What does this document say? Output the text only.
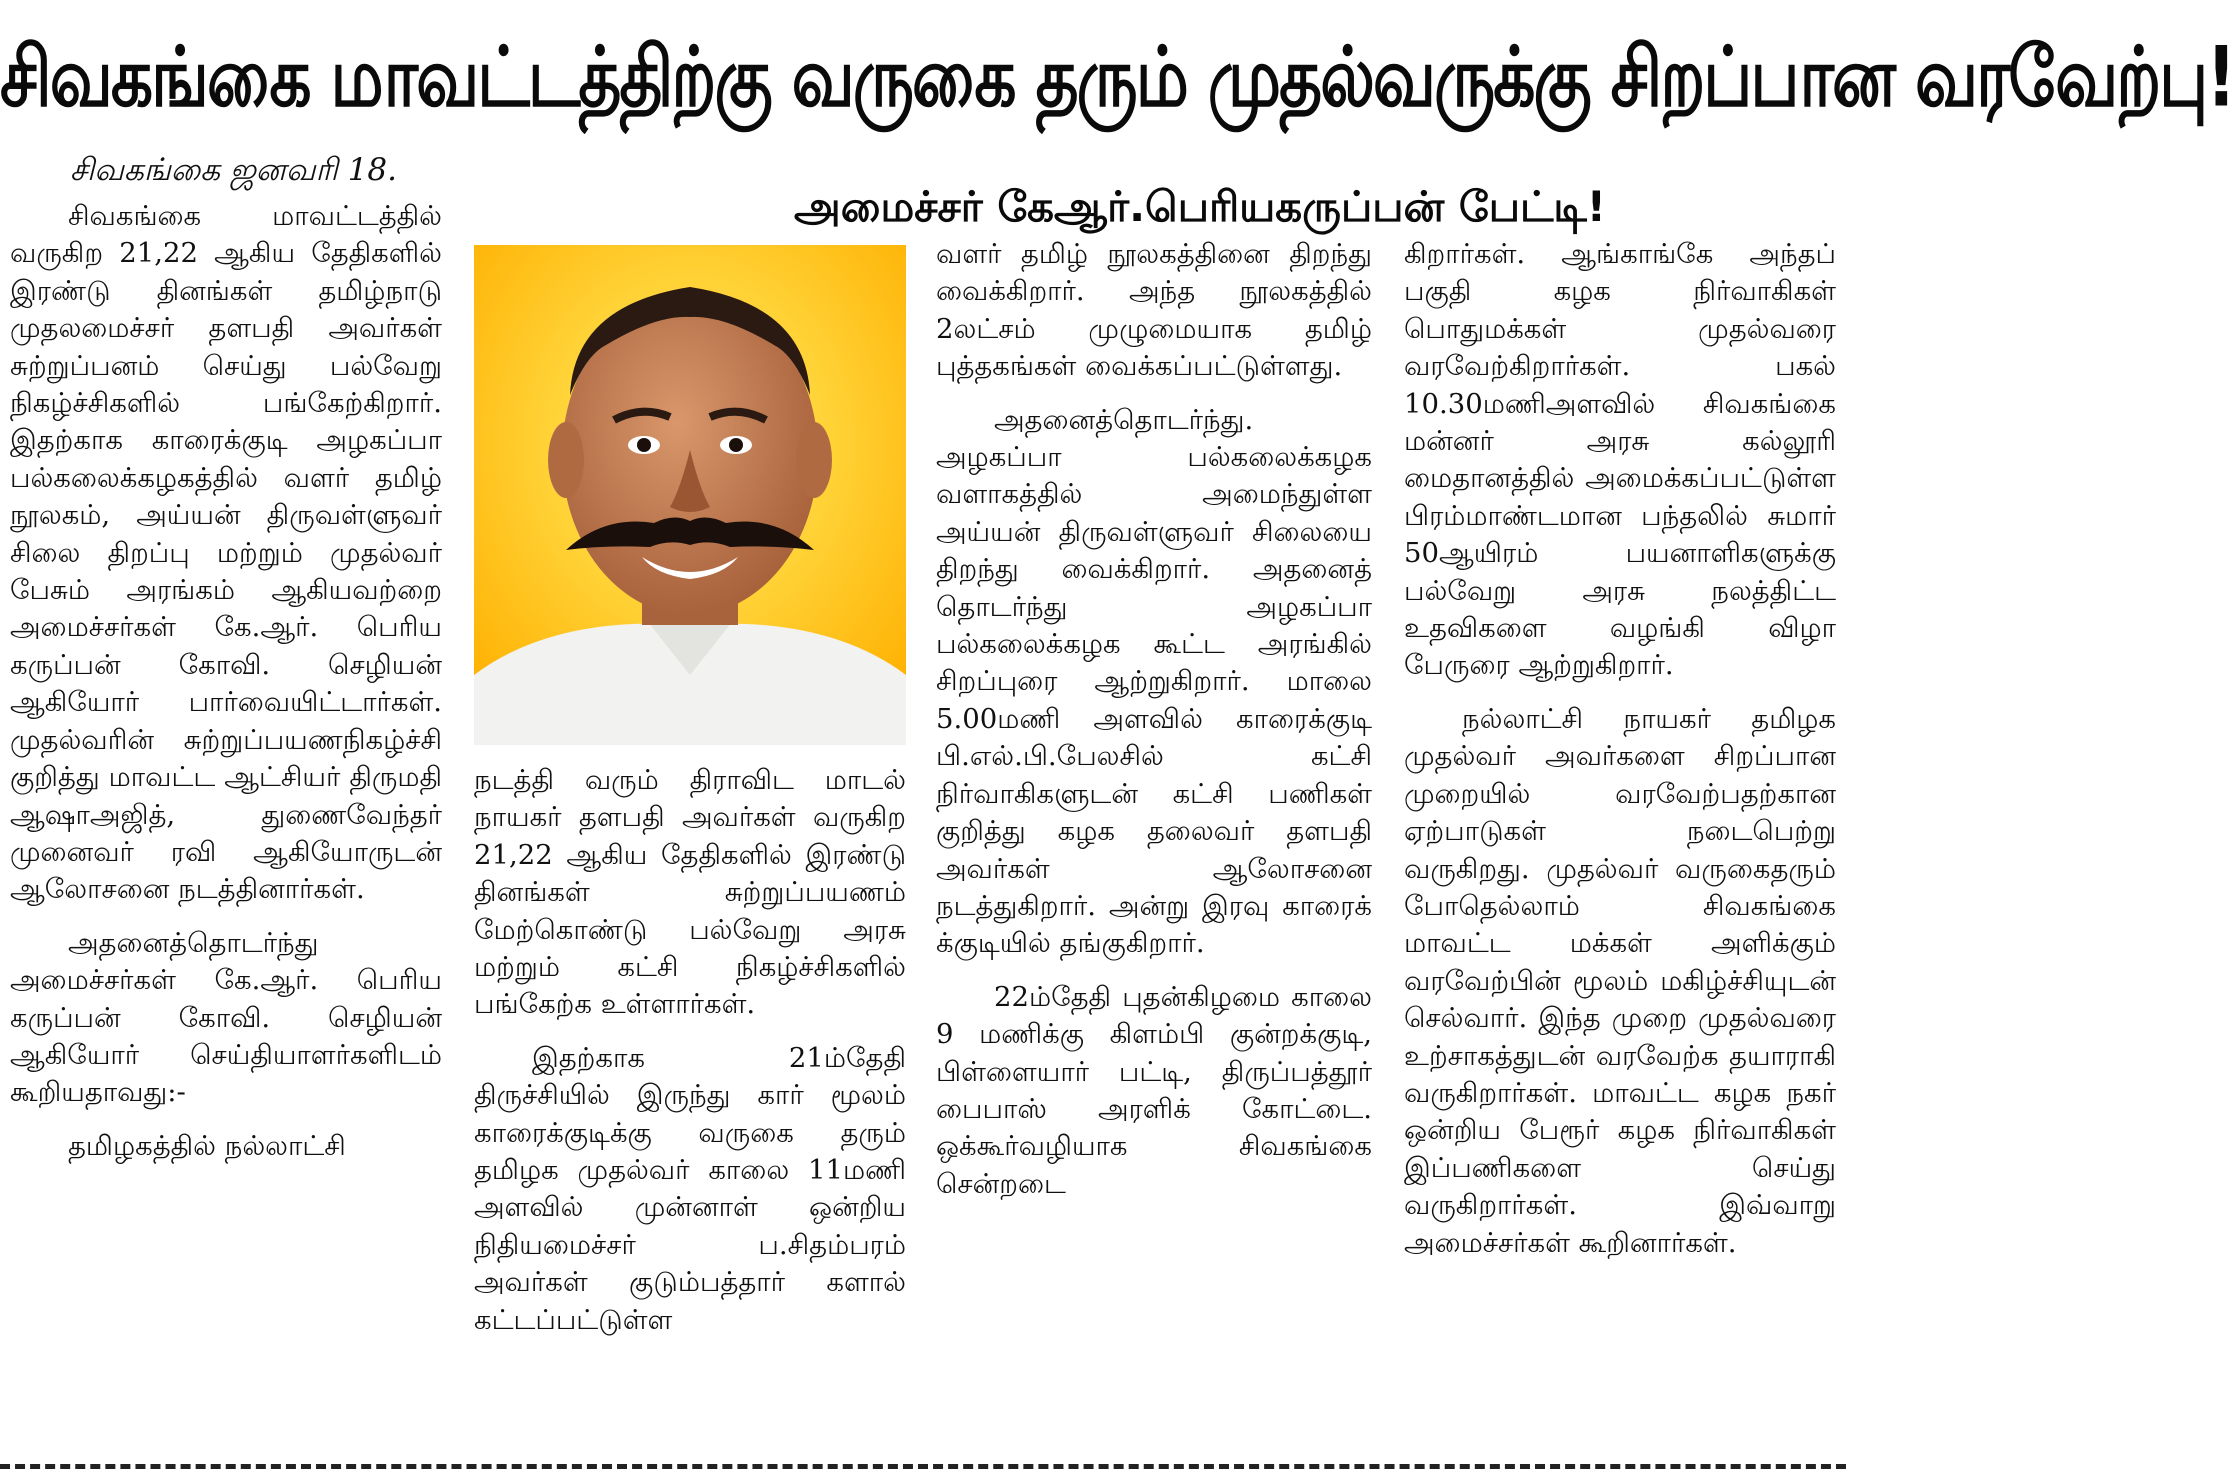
சிவகங்கை மாவட்டத்திற்கு வருகை தரும் முதல்வருக்கு சிறப்பான வரவேற்பு!
அமைச்சர் கேஆர்.பெரியகருப்பன் பேட்டி!
சிவகங்கை ஜனவரி 18.

சிவகங்கை மாவட்டத்தில் வருகிற 21,22 ஆகிய தேதிகளில் இரண்டு தினங்கள் தமிழ்நாடு முதலமைச்சர் தளபதி அவர்கள் சுற்றுப்பனம் செய்து பல்வேறு நிகழ்ச்சிகளில் பங்கேற்கிறார். இதற்காக காரைக்குடி அழகப்பா பல்கலைக்கழகத்தில் வளர் தமிழ் நூலகம், அய்யன் திருவள்ளுவர் சிலை திறப்பு மற்றும் முதல்வர் பேசும் அரங்கம் ஆகியவற்றை அமைச்சர்கள் கே.ஆர். பெரிய கருப்பன் கோவி. செழியன் ஆகியோர் பார்வையிட்டார்கள். முதல்வரின் சுற்றுப்பயணநிகழ்ச்சி குறித்து மாவட்ட ஆட்சியர் திருமதி ஆஷாஅஜித், துணைவேந்தர் முனைவர் ரவி ஆகியோருடன் ஆலோசனை நடத்தினார்கள்.

அதனைத்தொடர்ந்து அமைச்சர்கள் கே.ஆர். பெரிய கருப்பன் கோவி. செழியன் ஆகியோர் செய்தியாளர்களிடம் கூறியதாவது:-

தமிழகத்தில் நல்லாட்சி

நடத்தி வரும் திராவிட மாடல் நாயகர் தளபதி அவர்கள் வருகிற 21,22 ஆகிய தேதிகளில் இரண்டு தினங்கள் சுற்றுப்பயணம் மேற்கொண்டு பல்வேறு அரசு மற்றும் கட்சி நிகழ்ச்சிகளில் பங்கேற்க உள்ளார்கள்.

இதற்காக 21ம்தேதி திருச்சியில் இருந்து கார் மூலம் காரைக்குடிக்கு வருகை தரும் தமிழக முதல்வர் காலை 11மணி அளவில் முன்னாள் ஒன்றிய நிதியமைச்சர் ப.சிதம்பரம் அவர்கள் குடும்பத்தார் களால் கட்டப்பட்டுள்ள

வளர் தமிழ் நூலகத்தினை திறந்து வைக்கிறார். அந்த நூலகத்தில் 2லட்சம் முழுமையாக தமிழ் புத்தகங்கள் வைக்கப்பட்டுள்ளது.

அதனைத்தொடர்ந்து. அழகப்பா பல்கலைக்கழக வளாகத்தில் அமைந்துள்ள அய்யன் திருவள்ளுவர் சிலையை திறந்து வைக்கிறார். அதனைத் தொடர்ந்து அழகப்பா பல்கலைக்கழக கூட்ட அரங்கில் சிறப்புரை ஆற்றுகிறார். மாலை 5.00மணி அளவில் காரைக்குடி பி.எல்.பி.பேலசில் கட்சி நிர்வாகிகளுடன் கட்சி பணிகள் குறித்து கழக தலைவர் தளபதி அவர்கள் ஆலோசனை நடத்துகிறார். அன்று இரவு காரைக் க்குடியில் தங்குகிறார்.

22ம்தேதி புதன்கிழமை காலை 9 மணிக்கு கிளம்பி குன்றக்குடி, பிள்ளையார் பட்டி, திருப்பத்தூர் பைபாஸ் அரளிக் கோட்டை. ஒக்கூர்வழியாக சிவகங்கை சென்றடை

கிறார்கள். ஆங்காங்கே அந்தப் பகுதி கழக நிர்வாகிகள் பொதுமக்கள் முதல்வரை வரவேற்கிறார்கள். பகல் 10.30மணிஅளவில் சிவகங்கை மன்னர் அரசு கல்லூரி மைதானத்தில் அமைக்கப்பட்டுள்ள பிரம்மாண்டமான பந்தலில் சுமார் 50ஆயிரம் பயனாளிகளுக்கு பல்வேறு அரசு நலத்திட்ட உதவிகளை வழங்கி விழா பேருரை ஆற்றுகிறார்.

நல்லாட்சி நாயகர் தமிழக முதல்வர் அவர்களை சிறப்பான முறையில் வரவேற்பதற்கான ஏற்பாடுகள் நடைபெற்று வருகிறது. முதல்வர் வருகைதரும் போதெல்லாம் சிவகங்கை மாவட்ட மக்கள் அளிக்கும் வரவேற்பின் மூலம் மகிழ்ச்சியுடன் செல்வார். இந்த முறை முதல்வரை உற்சாகத்துடன் வரவேற்க தயாராகி வருகிறார்கள். மாவட்ட கழக நகர் ஒன்றிய பேரூர் கழக நிர்வாகிகள் இப்பணிகளை செய்து வருகிறார்கள். இவ்வாறு அமைச்சர்கள் கூறினார்கள்.
